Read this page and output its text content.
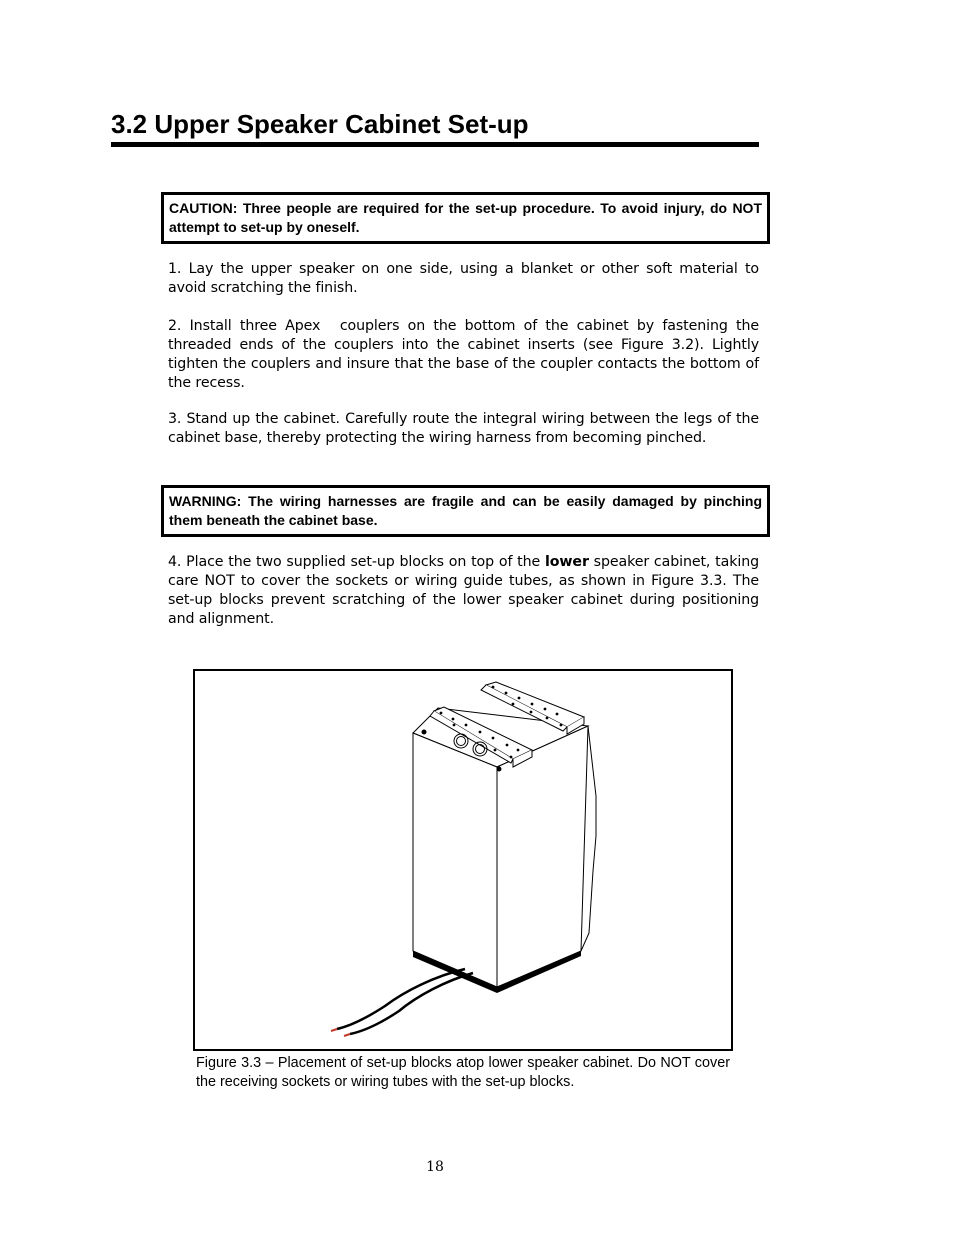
3.2 Upper Speaker Cabinet Set-up
CAUTION: Three people are required for the set-up procedure. To avoid injury, do NOT attempt to set-up by oneself.

1. Lay the upper speaker on one side, using a blanket or other soft material to avoid scratching the finish.

2. Install three Apex couplers on the bottom of the cabinet by fastening the threaded ends of the couplers into the cabinet inserts (see Figure 3.2). Lightly tighten the couplers and insure that the base of the coupler contacts the bottom of the recess.

3. Stand up the cabinet. Carefully route the integral wiring between the legs of the cabinet base, thereby protecting the wiring harness from becoming pinched.

WARNING: The wiring harnesses are fragile and can be easily damaged by pinching them beneath the cabinet base.

4. Place the two supplied set-up blocks on top of the lower speaker cabinet, taking care NOT to cover the sockets or wiring guide tubes, as shown in Figure 3.3. The set-up blocks prevent scratching of the lower speaker cabinet during positioning and alignment.

Figure 3.3 – Placement of set-up blocks atop lower speaker cabinet. Do NOT cover the receiving sockets or wiring tubes with the set-up blocks.

18
